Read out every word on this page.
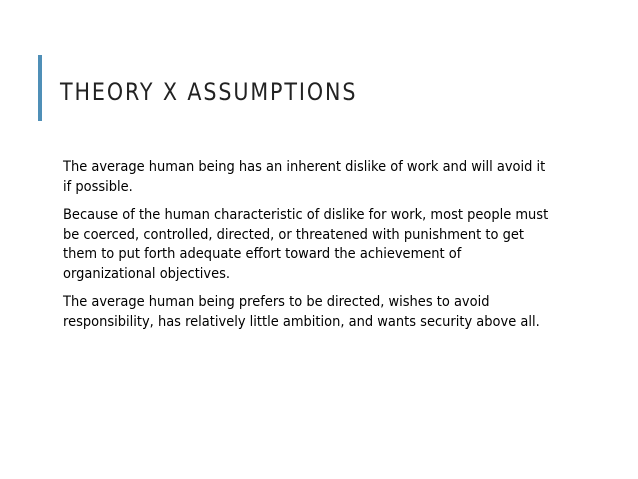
THEORY X ASSUMPTIONS

The average human being has an inherent dislike of work and will avoid it if possible.

Because of the human characteristic of dislike for work, most people must be coerced, controlled, directed, or threatened with punishment to get them to put forth adequate effort toward the achievement of organizational objectives.

The average human being prefers to be directed, wishes to avoid responsibility, has relatively little ambition, and wants security above all.
